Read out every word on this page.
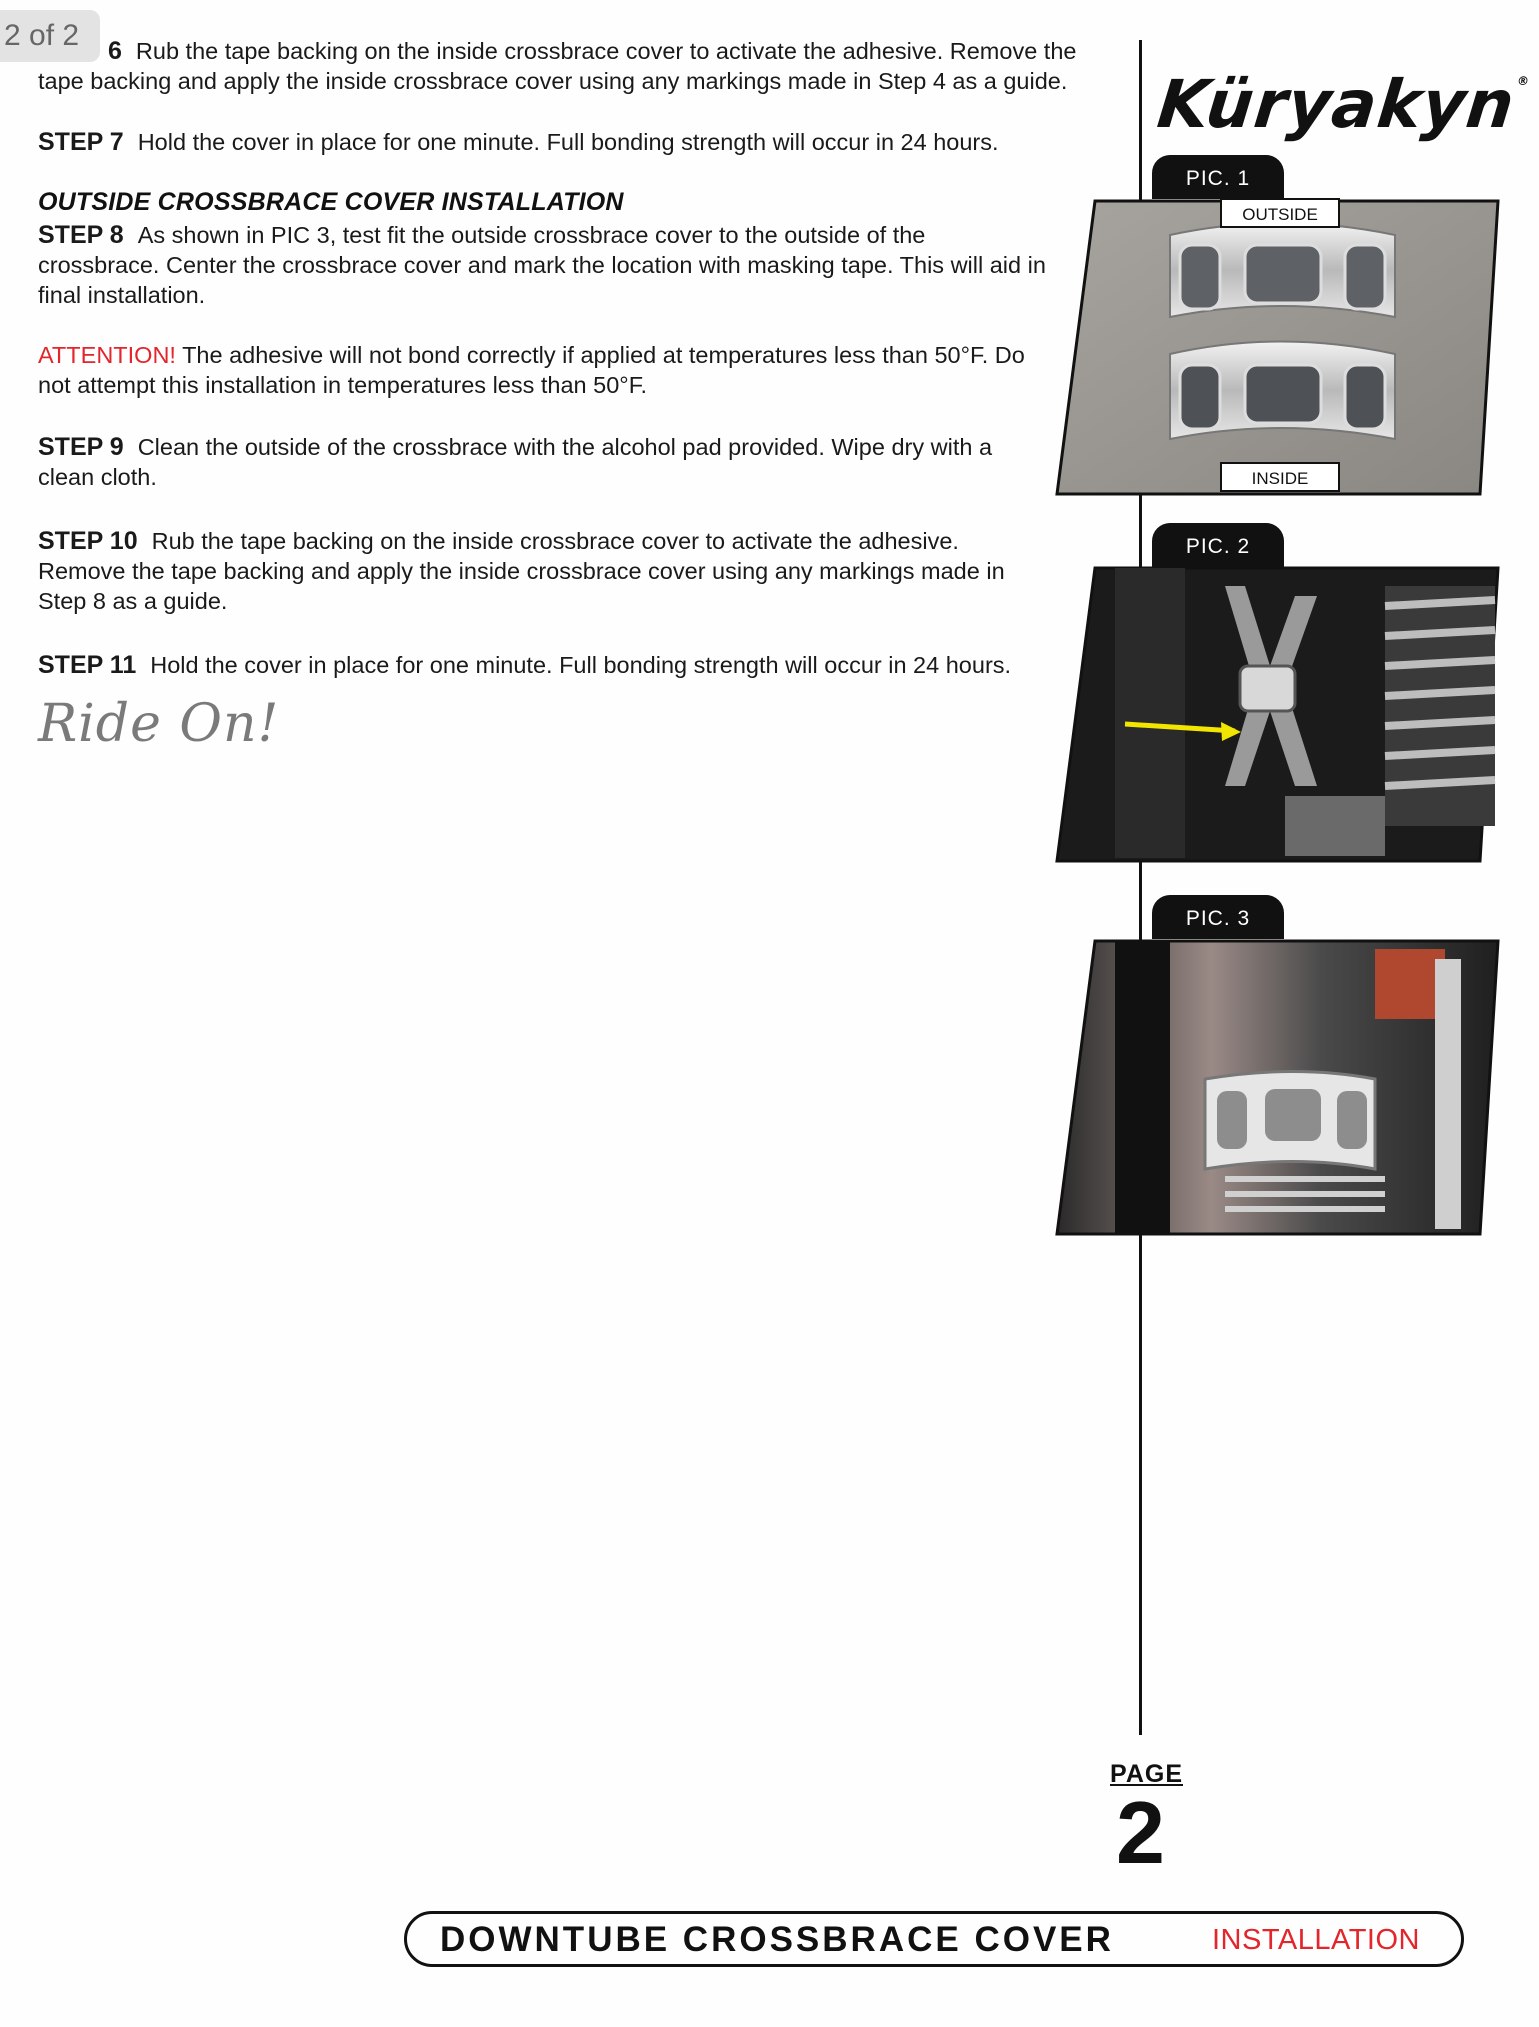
2 of 2	6 Rub the tape backing on the inside crossbrace cover to activate the adhesive. Remove the tape backing and apply the inside crossbrace cover using any markings made in Step 4 as a guide.
STEP 7 Hold the cover in place for one minute. Full bonding strength will occur in 24 hours.
OUTSIDE CROSSBRACE COVER INSTALLATION
STEP 8 As shown in PIC 3, test fit the outside crossbrace cover to the outside of the crossbrace. Center the crossbrace cover and mark the location with masking tape. This will aid in final installation.
ATTENTION! The adhesive will not bond correctly if applied at temperatures less than 50°F. Do not attempt this installation in temperatures less than 50°F.
STEP 9 Clean the outside of the crossbrace with the alcohol pad provided. Wipe dry with a clean cloth.
STEP 10 Rub the tape backing on the inside crossbrace cover to activate the adhesive. Remove the tape backing and apply the inside crossbrace cover using any markings made in Step 8 as a guide.
STEP 11 Hold the cover in place for one minute. Full bonding strength will occur in 24 hours.
Ride On!
Küryakyn®
PIC. 1
OUTSIDE
INSIDE
PIC. 2
PIC. 3
PAGE
2
DOWNTUBE CROSSBRACE COVER	INSTALLATION
